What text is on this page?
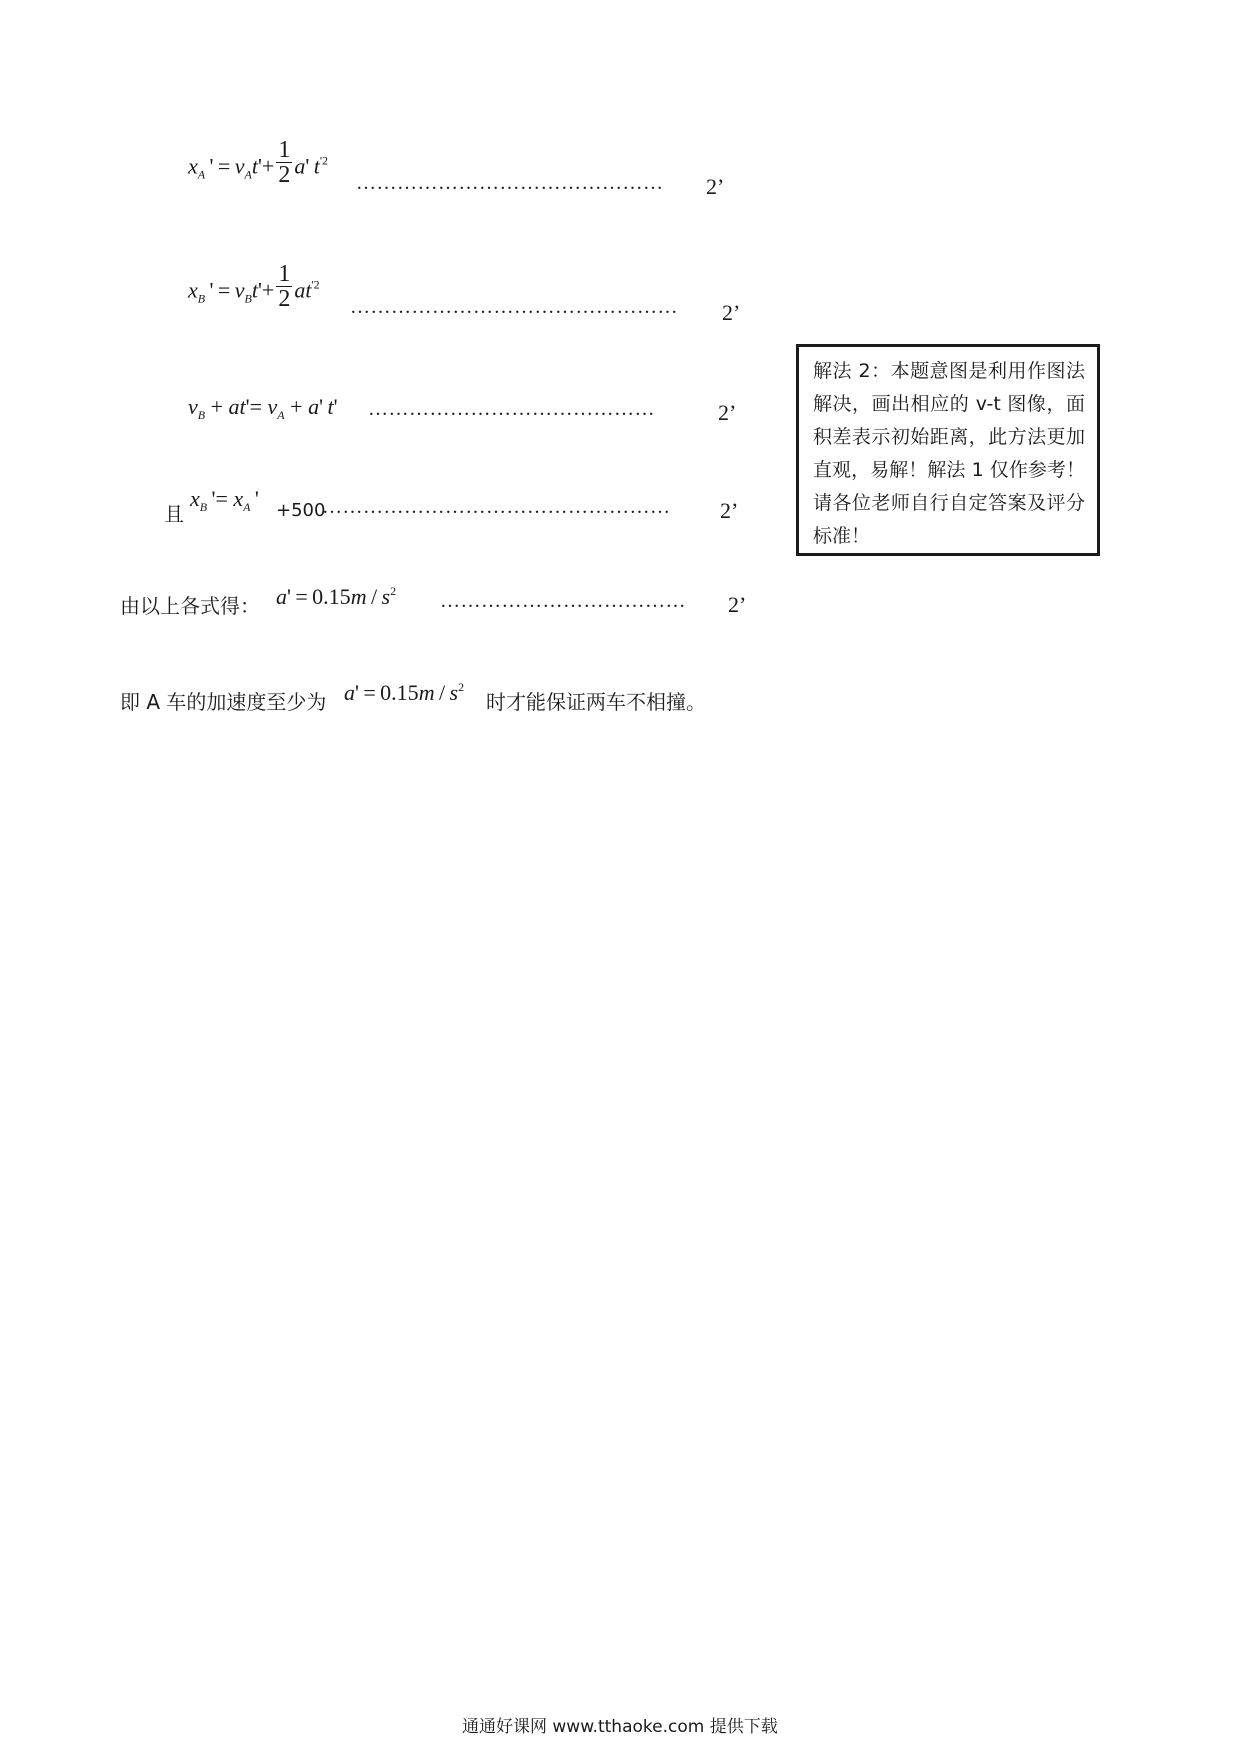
$x_A$ ' = $v_At'+ \frac{1}{2} a'$ $t^{'2}$
……………………………………… 2’
$x_B$ ' = $v_Bt'+ \frac{1}{2} at^{'2}$
………………………………………… 2’
$v_B + at'= v_A + a'$ t' ……………………………………	2’
且
$x_B$ '= $x_A$ ' +500
…………………………………………… 2’
由以上各式得： $a' = 0.15m / s^2$ ……………………………… 2’
即 A 车的加速度至少为 $a' = 0.15m / s^2$
时才能保证两车不相撞。
解法 2：本题意图是利用作图法解决，画出相应的 v-t 图像，面积差表示初始距离，此方法更加直观，易解！解法 1 仅作参考！请各位老师自行自定答案及评分标准！
通通好课网 www.tthaoke.com 提供下载
